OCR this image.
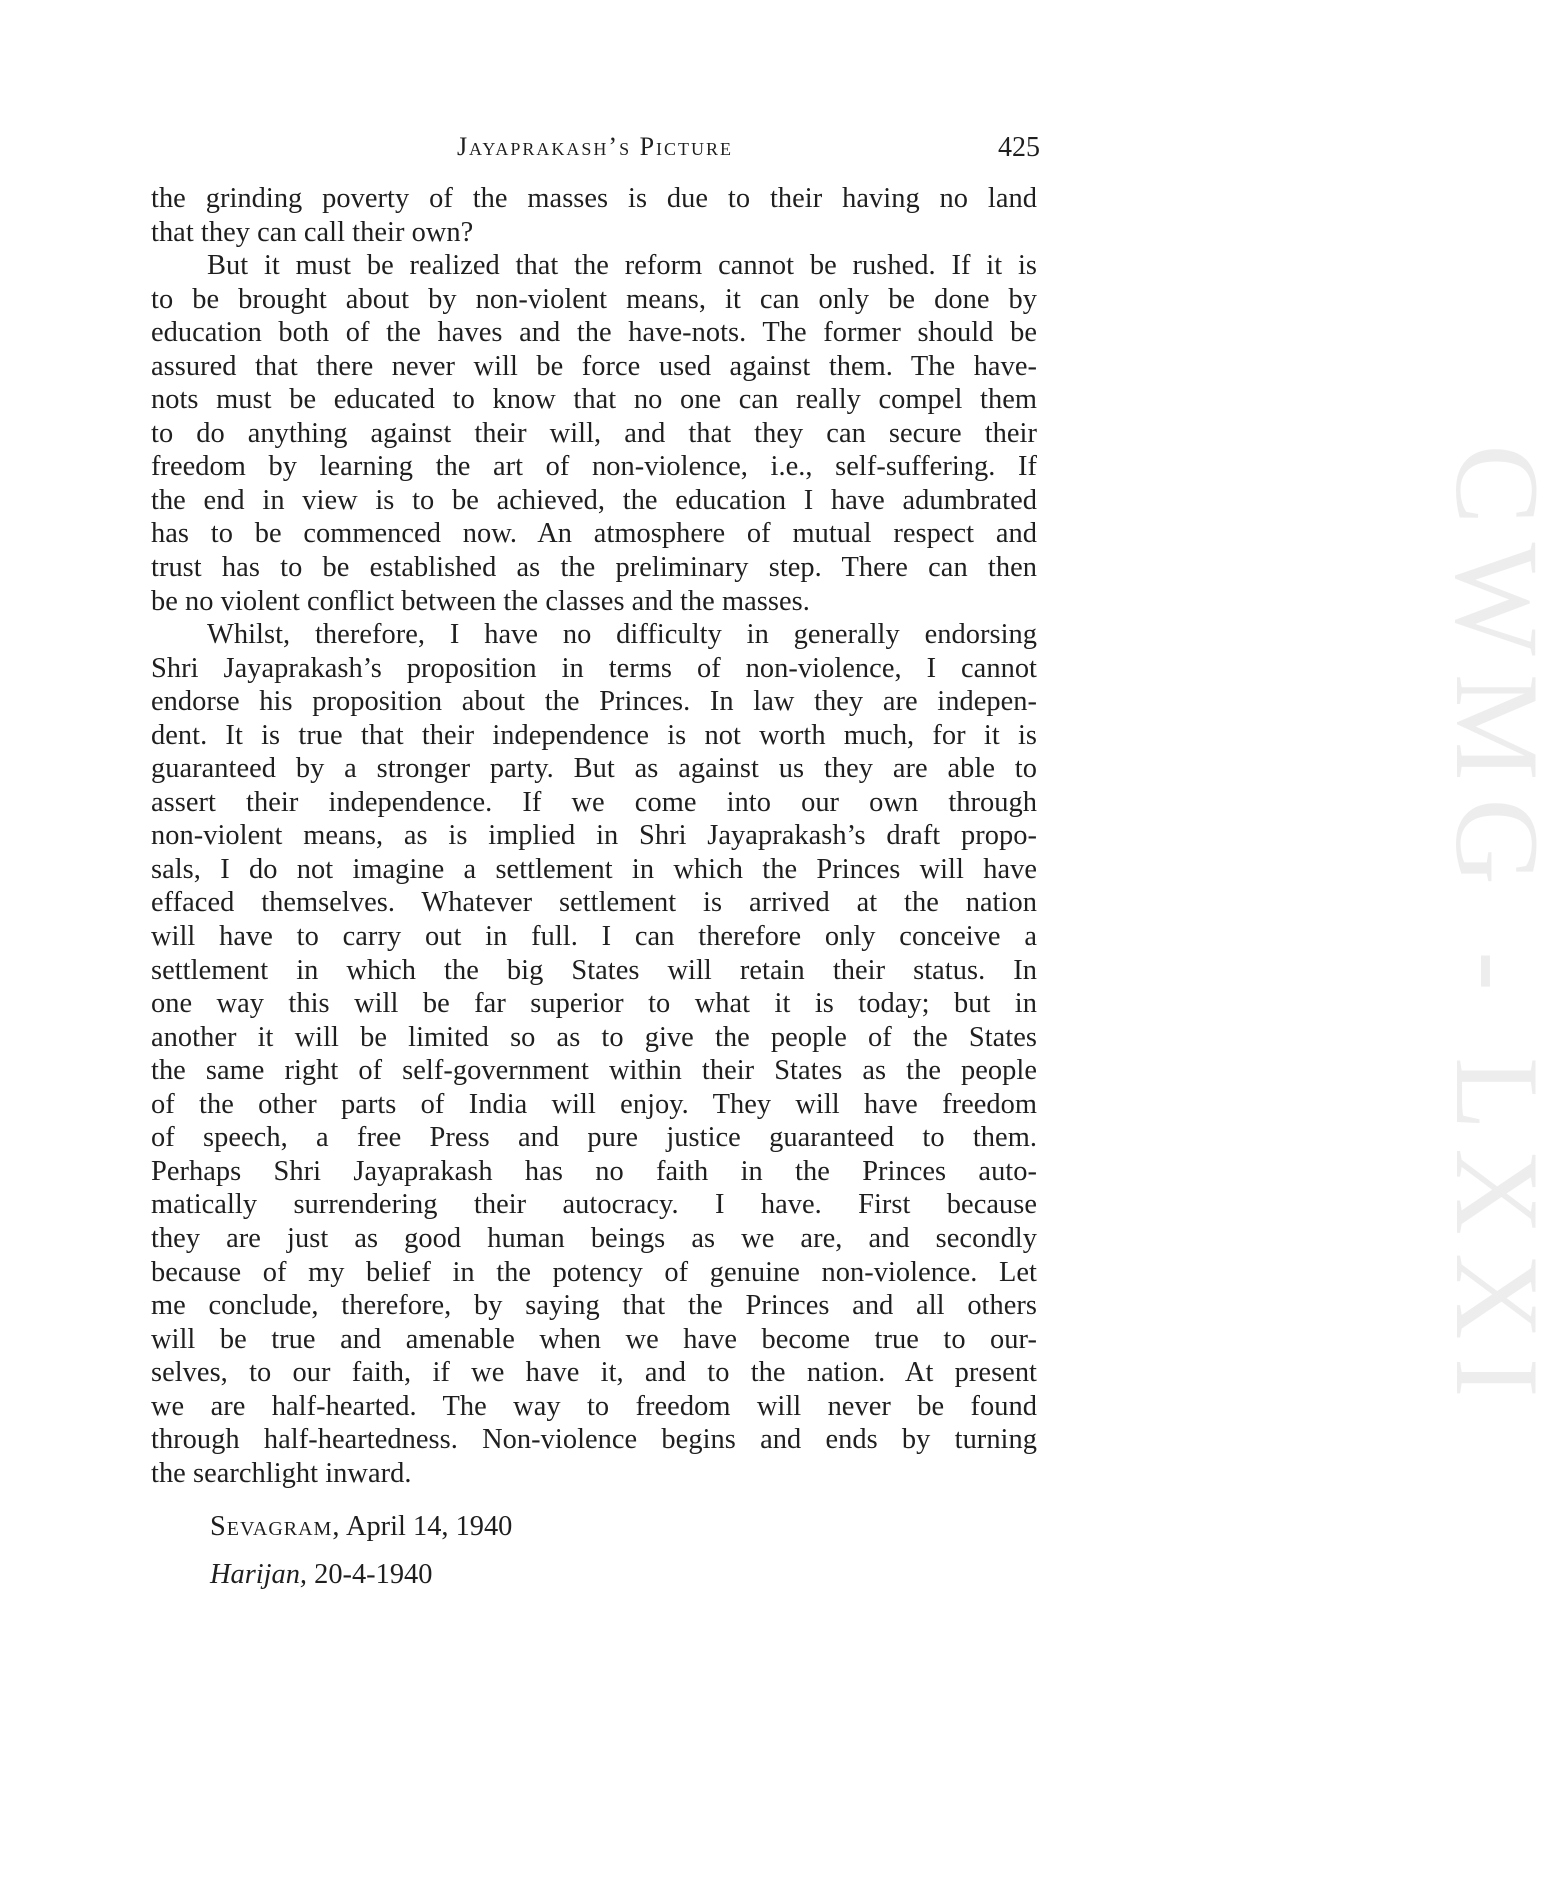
Jayaprakash’s Picture	425
the grinding poverty of the masses is due to their having no land
that they can call their own?
But it must be realized that the reform cannot be rushed. If it is
to be brought about by non-violent means, it can only be done by
education both of the haves and the have-nots. The former should be
assured that there never will be force used against them. The have-
nots must be educated to know that no one can really compel them
to do anything against their will, and that they can secure their
freedom by learning the art of non-violence, i.e., self-suffering. If
the end in view is to be achieved, the education I have adumbrated
has to be commenced now. An atmosphere of mutual respect and
trust has to be established as the preliminary step. There can then
be no violent conflict between the classes and the masses.
Whilst, therefore, I have no difficulty in generally endorsing
Shri Jayaprakash’s proposition in terms of non-violence, I cannot
endorse his proposition about the Princes. In law they are indepen-
dent. It is true that their independence is not worth much, for it is
guaranteed by a stronger party. But as against us they are able to
assert their independence. If we come into our own through
non-violent means, as is implied in Shri Jayaprakash’s draft propo-
sals, I do not imagine a settlement in which the Princes will have
effaced themselves. Whatever settlement is arrived at the nation
will have to carry out in full. I can therefore only conceive a
settlement in which the big States will retain their status. In
one way this will be far superior to what it is today; but in
another it will be limited so as to give the people of the States
the same right of self-government within their States as the people
of the other parts of India will enjoy. They will have freedom
of speech, a free Press and pure justice guaranteed to them.
Perhaps Shri Jayaprakash has no faith in the Princes auto-
matically surrendering their autocracy. I have. First because
they are just as good human beings as we are, and secondly
because of my belief in the potency of genuine non-violence. Let
me conclude, therefore, by saying that the Princes and all others
will be true and amenable when we have become true to our-
selves, to our faith, if we have it, and to the nation. At present
we are half-hearted. The way to freedom will never be found
through half-heartedness. Non-violence begins and ends by turning
the searchlight inward.
Sevagram, April 14, 1940
Harijan, 20-4-1940
CWMG - LXXI
